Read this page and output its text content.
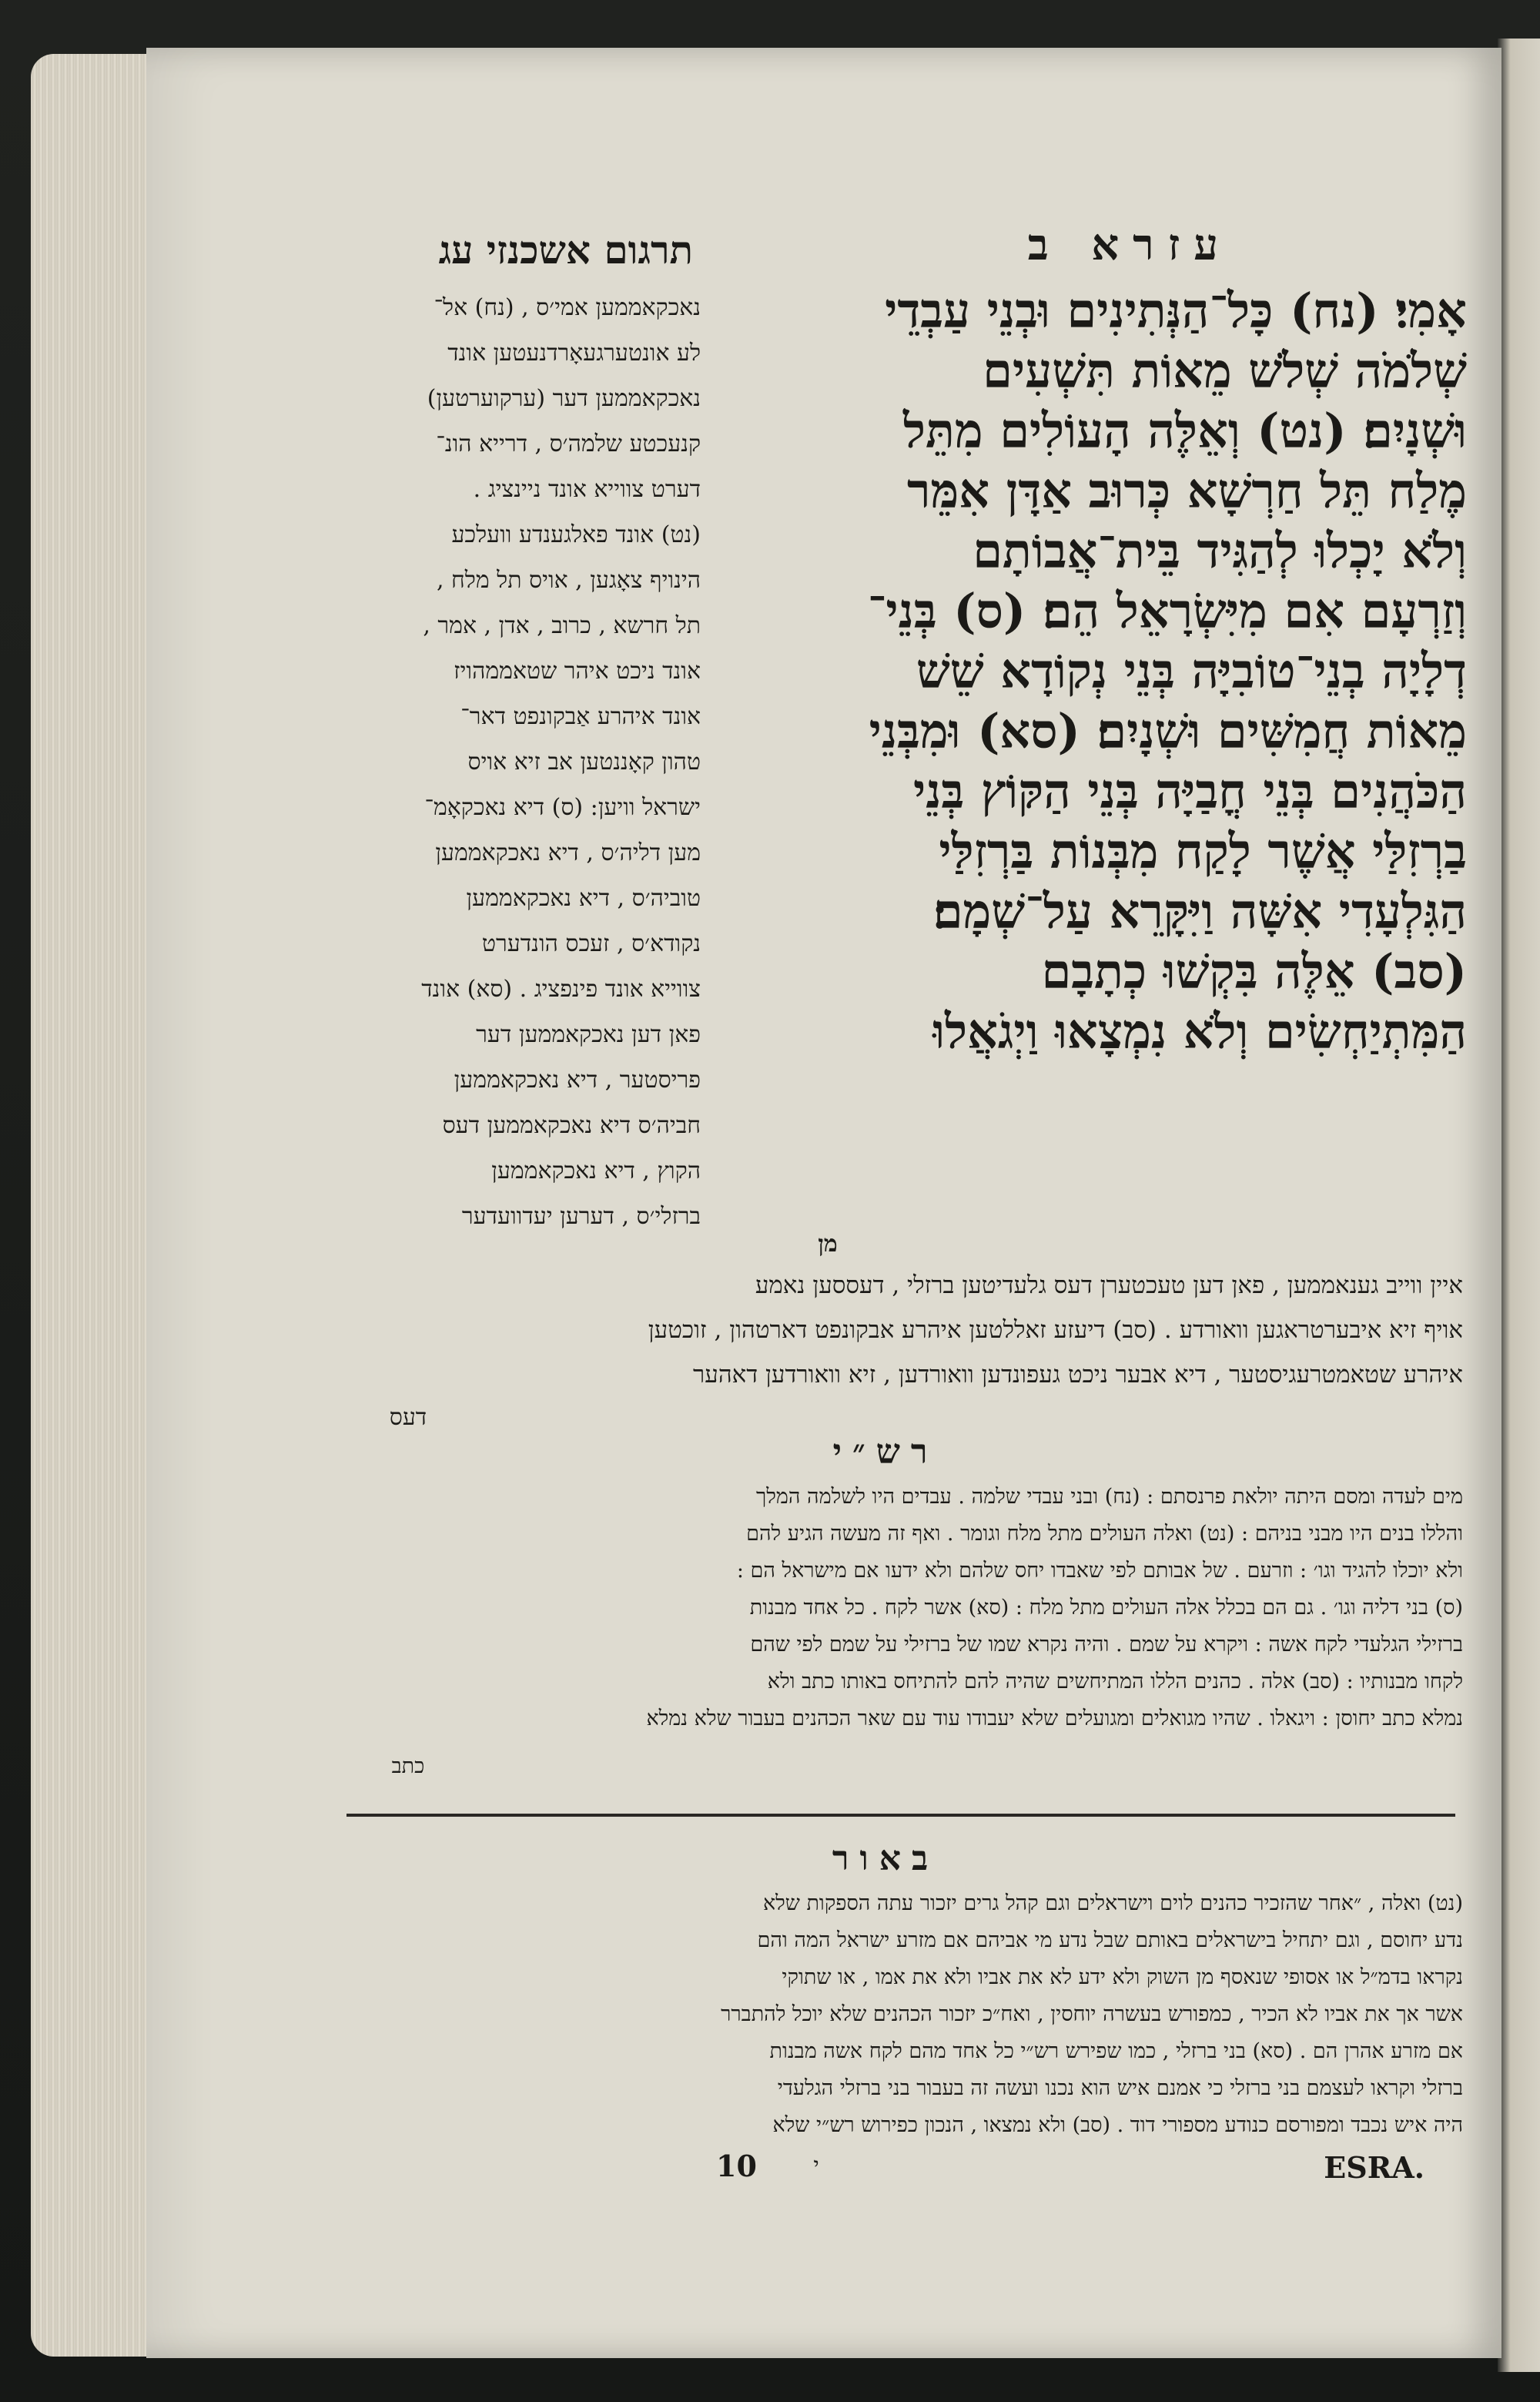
עזרא ב
תרגום אשכנזי עג

אָמִי׃ (נח) כָּל־הַנְּתִינִים וּבְנֵי עַבְדֵי

שְׁלֹמֹה שְׁלֹשׁ מֵאוֹת תִּשְׁעִים

וּשְׁנָיִם׃ (נט) וְאֵלֶּה הָעוֹלִים מִתֵּל

מֶלַח תֵּל חַרְשָׁא כְּרוּב אַדָּן אִמֵּר

וְלֹא יָכְלוּ לְהַגִּיד בֵּית־אֲבוֹתָם

וְזַרְעָם אִם מִיִּשְׂרָאֵל הֵם׃ (ס) בְּנֵי־

דְלָיָה בְנֵי־טוֹבִיָּה בְּנֵי נְקוֹדָא שֵׁשׁ

מֵאוֹת חֲמִשִּׁים וּשְׁנָיִם׃ (סא) וּמִבְּנֵי

הַכֹּהֲנִים בְּנֵי חֳבַיָּה בְּנֵי הַקּוֹץ בְּנֵי

בַרְזִלַּי אֲשֶׁר לָקַח מִבְּנוֹת בַּרְזִלַּי

הַגִּלְעָדִי אִשָּׁה וַיִּקָּרֵא עַל־שְׁמָם׃

(סב) אֵלֶּה בִּקְשׁוּ כְתָבָם

הַמִּתְיַחְשִׂים וְלֹא נִמְצָאוּ וַיְגֹאֲלוּ

מן

נאכקאממען אמי׳ס , (נח) אל־

לע אונטערגעאָרדנעטען אונד

נאכקאממען דער (ערקוערטען)

קנעכטע שלמה׳ס , דרייא הונ־

דערט צווייא אונד ניינציג .

(נט) אונד פאלגענדע וועלכע

הינויף צאָגען , אויס תל מלח ,

תל חרשא , כרוב , אדן , אמר ,

אונד ניכט איהר שטאממהויז

אונד איהרע אַבקונפט דאר־

טהון קאָננטען אב זיא אויס

ישראל וויען: (ס) דיא נאכקאָמ־

מען דליה׳ס , דיא נאכקאממען

טוביה׳ס , דיא נאכקאממען

נקודא׳ס , זעכס הונדערט

צווייא אונד פינפציג . (סא) אונד

פאן דען נאכקאממען דער

פריסטער , דיא נאכקאממען

חביה׳ס דיא נאכקאממען דעס

הקוץ , דיא נאכקאממען

ברזלי׳ס , דערען יעדוועדער

איין ווייב גענאממען , פאן דען טעכטערן דעס גלעדיטען ברזלי , דעססען נאמע

אויף זיא איבערטראגען וואורדע . (סב) דיעזע זאללטען איהרע אבקונפט דארטהון , זוכטען

איהרע שטאמטרעגיסטער , דיא אבער ניכט געפונדען וואורדען , זיא וואורדען דאהער

דעס
רש״י

מים לעדה ומסם היתה יולאת פרנסתם : (נח) ובני עבדי שלמה . עבדים היו לשלמה המלך

והללו בנים היו מבני בניהם : (נט) ואלה העולים מתל מלח וגומר . ואף זה מעשה הגיע להם

ולא יוכלו להגיד וגו׳ : וזרעם . של אבותם לפי שאבדו יחס שלהם ולא ידעו אם מישראל הם :

(ס) בני דליה וגו׳ . גם הם בכלל אלה העולים מתל מלח : (סא) אשר לקח . כל אחד מבנות

ברזילי הגלעדי לקח אשה : ויקרא על שמם . והיה נקרא שמו של ברזילי על שמם לפי שהם

לקחו מבנותיו : (סב) אלה . כהנים הללו המתיחשים שהיה להם להתיחס באותו כתב ולא

נמלא כתב יחוסן : ויגאלו . שהיו מגואלים ומגועלים שלא יעבודו עוד עם שאר הכהנים בעבור שלא נמלא

כתב
באור

(נט) ואלה , ״אחר שהזכיר כהנים לוים וישראלים וגם קהל גרים יזכור עתה הספקות שלא

נדע יחוסם , וגם יתחיל בישראלים באותם שבל נדע מי אביהם אם מזרע ישראל המה והם

נקראו בדמ״ל או אסופי שנאסף מן השוק ולא ידע לא את אביו ולא את אמו , או שתוקי

אשר אך את אביו לא הכיר , כמפורש בעשרה יוחסין , ואח״כ יזכור הכהנים שלא יוכל להתברר

אם מזרע אהרן הם . (סא) בני ברזלי , כמו שפירש רש״י כל אחד מהם לקח אשה מבנות

ברזלי וקראו לעצמם בני ברזלי כי אמנם איש הוא נכנו ועשה זה בעבור בני ברזלי הגלעדי

היה איש נכבד ומפורסם כנודע מספורי דוד . (סב) ולא נמצאו , הנכון כפירוש רש״י שלא

10	י	ESRA.
